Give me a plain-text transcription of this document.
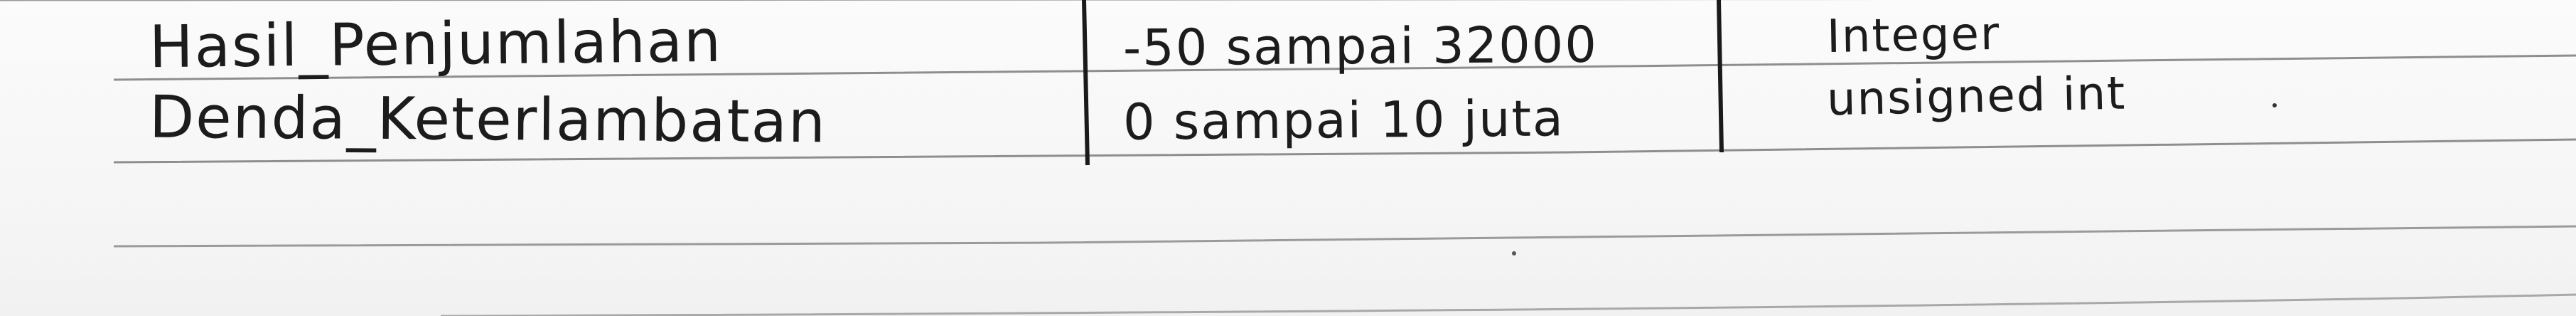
Hasil_Penjumlahan	-50 sampai 32000	Integer
Denda_Keterlambatan	0 sampai 10 juta	unsigned int
